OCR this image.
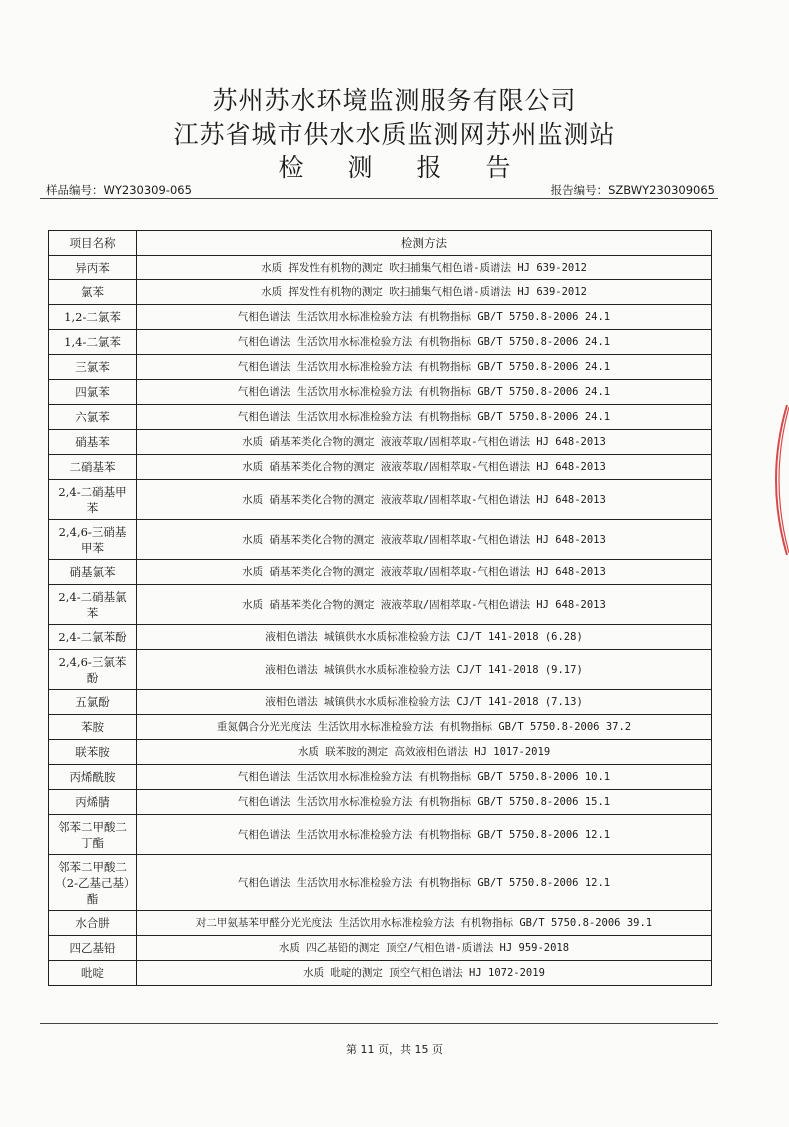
苏州苏水环境监测服务有限公司
江苏省城市供水水质监测网苏州监测站
检测报告
样品编号：WY230309-065	报告编号：SZBWY230309065
项目名称	检测方法
异丙苯	水质 挥发性有机物的测定 吹扫捕集气相色谱-质谱法 HJ 639-2012
氯苯	水质 挥发性有机物的测定 吹扫捕集气相色谱-质谱法 HJ 639-2012
1,2-二氯苯	气相色谱法 生活饮用水标准检验方法 有机物指标 GB/T 5750.8-2006 24.1
1,4-二氯苯	气相色谱法 生活饮用水标准检验方法 有机物指标 GB/T 5750.8-2006 24.1
三氯苯	气相色谱法 生活饮用水标准检验方法 有机物指标 GB/T 5750.8-2006 24.1
四氯苯	气相色谱法 生活饮用水标准检验方法 有机物指标 GB/T 5750.8-2006 24.1
六氯苯	气相色谱法 生活饮用水标准检验方法 有机物指标 GB/T 5750.8-2006 24.1
硝基苯	水质 硝基苯类化合物的测定 液液萃取/固相萃取-气相色谱法 HJ 648-2013
二硝基苯	水质 硝基苯类化合物的测定 液液萃取/固相萃取-气相色谱法 HJ 648-2013
2,4-二硝基甲苯	水质 硝基苯类化合物的测定 液液萃取/固相萃取-气相色谱法 HJ 648-2013
2,4,6-三硝基甲苯	水质 硝基苯类化合物的测定 液液萃取/固相萃取-气相色谱法 HJ 648-2013
硝基氯苯	水质 硝基苯类化合物的测定 液液萃取/固相萃取-气相色谱法 HJ 648-2013
2,4-二硝基氯苯	水质 硝基苯类化合物的测定 液液萃取/固相萃取-气相色谱法 HJ 648-2013
2,4-二氯苯酚	液相色谱法 城镇供水水质标准检验方法 CJ/T 141-2018 (6.28)
2,4,6-三氯苯酚	液相色谱法 城镇供水水质标准检验方法 CJ/T 141-2018 (9.17)
五氯酚	液相色谱法 城镇供水水质标准检验方法 CJ/T 141-2018 (7.13)
苯胺	重氮偶合分光光度法 生活饮用水标准检验方法 有机物指标 GB/T 5750.8-2006 37.2
联苯胺	水质 联苯胺的测定 高效液相色谱法 HJ 1017-2019
丙烯酰胺	气相色谱法 生活饮用水标准检验方法 有机物指标 GB/T 5750.8-2006 10.1
丙烯腈	气相色谱法 生活饮用水标准检验方法 有机物指标 GB/T 5750.8-2006 15.1
邻苯二甲酸二丁酯	气相色谱法 生活饮用水标准检验方法 有机物指标 GB/T 5750.8-2006 12.1
邻苯二甲酸二（2-乙基己基）酯	气相色谱法 生活饮用水标准检验方法 有机物指标 GB/T 5750.8-2006 12.1
水合肼	对二甲氨基苯甲醛分光光度法 生活饮用水标准检验方法 有机物指标 GB/T 5750.8-2006 39.1
四乙基铅	水质 四乙基铅的测定 顶空/气相色谱-质谱法 HJ 959-2018
吡啶	水质 吡啶的测定 顶空气相色谱法 HJ 1072-2019
第 11 页，共 15 页
